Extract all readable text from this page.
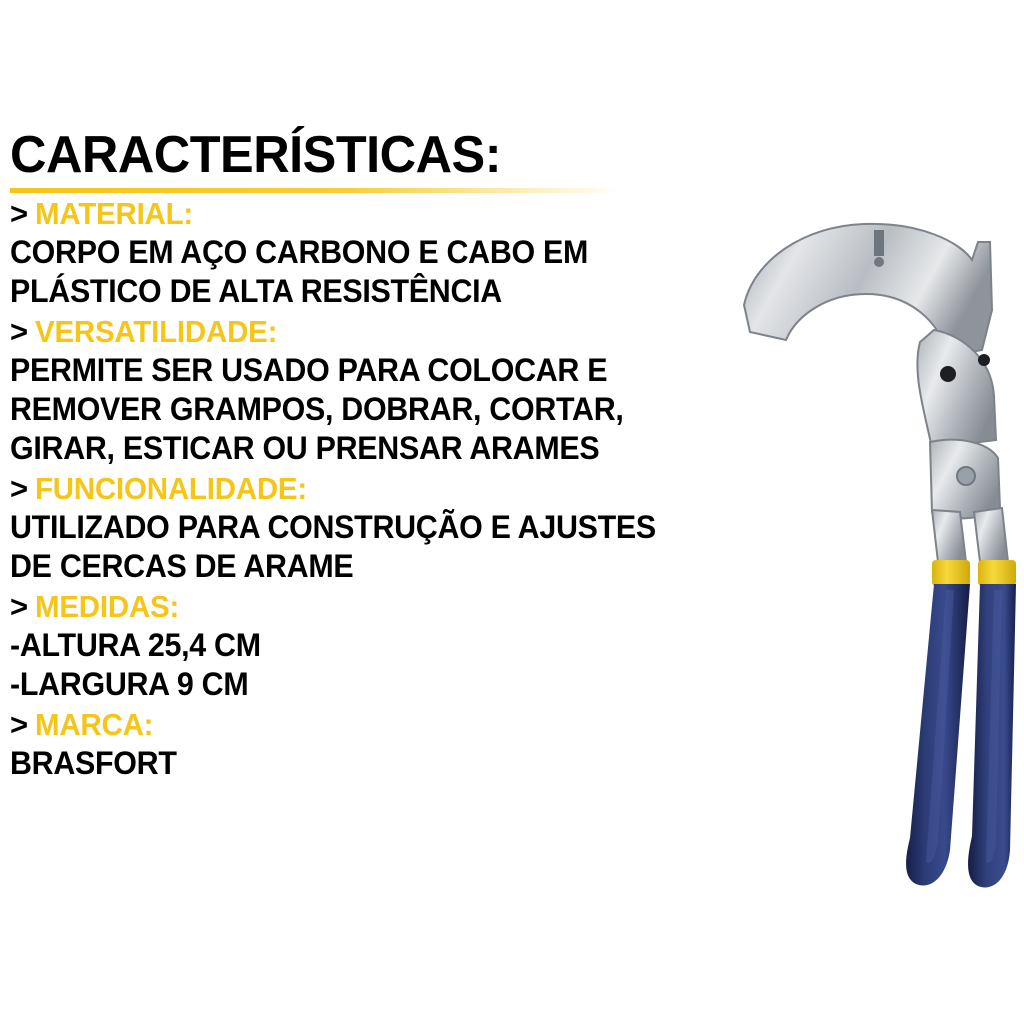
CARACTERÍSTICAS:
> MATERIAL:
CORPO EM AÇO CARBONO E CABO EM
PLÁSTICO DE ALTA RESISTÊNCIA
> VERSATILIDADE:
PERMITE SER USADO PARA COLOCAR E
REMOVER GRAMPOS, DOBRAR, CORTAR,
GIRAR, ESTICAR OU PRENSAR ARAMES
> FUNCIONALIDADE:
UTILIZADO PARA CONSTRUÇÃO E AJUSTES
DE CERCAS DE ARAME
> MEDIDAS:
-ALTURA 25,4 CM
-LARGURA 9 CM
> MARCA:
BRASFORT
